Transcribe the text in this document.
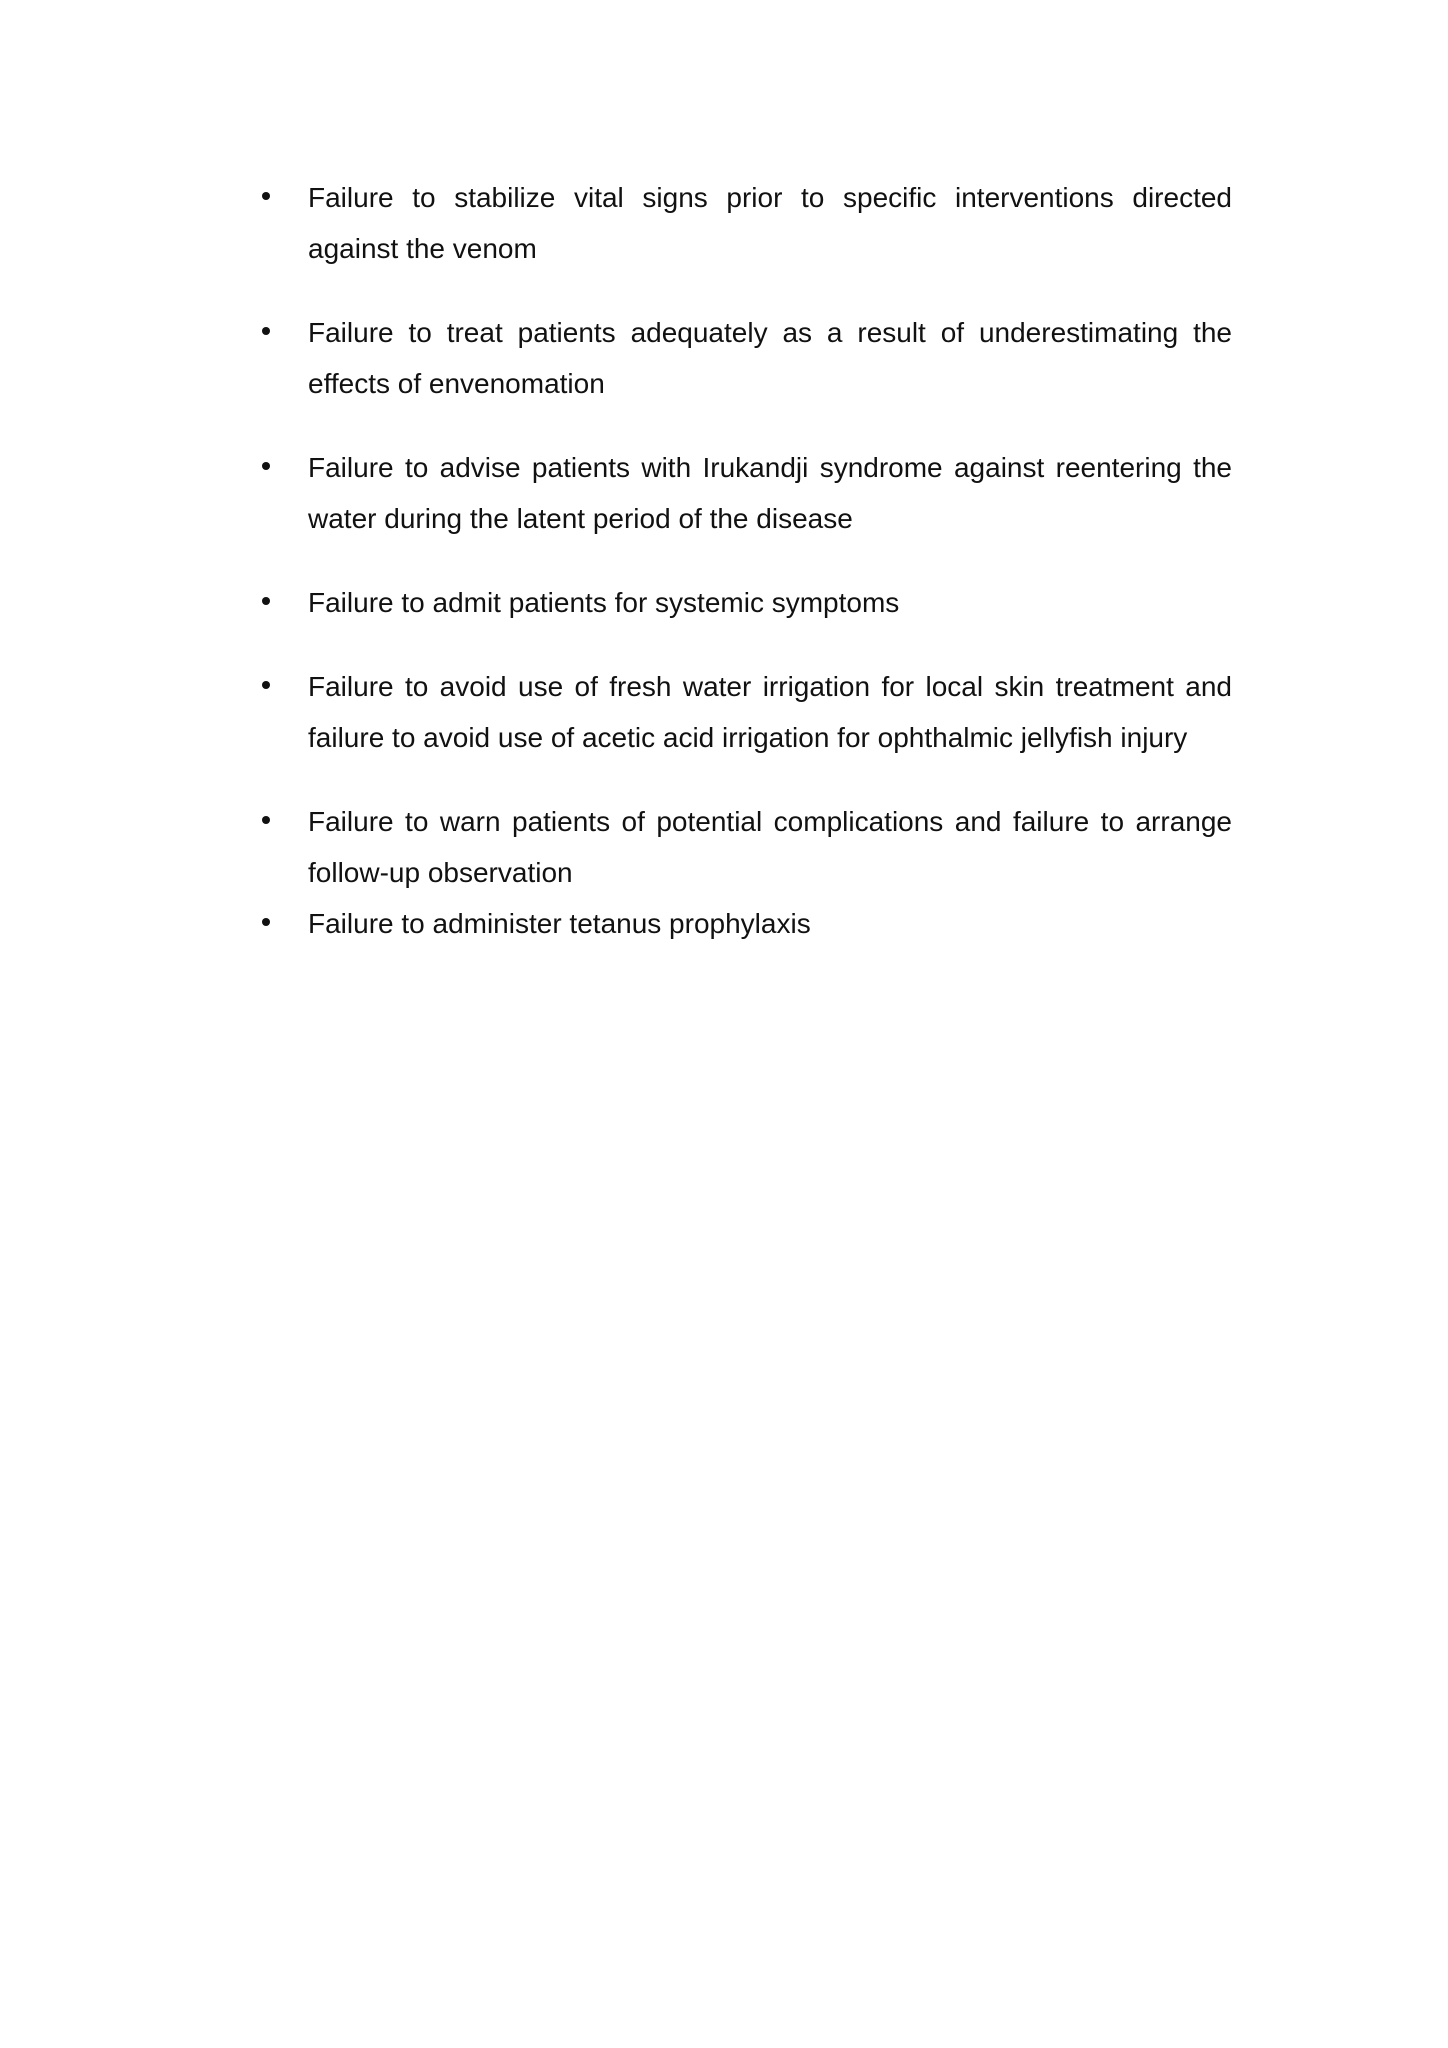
Failure to stabilize vital signs prior to specific interventions directed against the venom
Failure to treat patients adequately as a result of underestimating the effects of envenomation
Failure to advise patients with Irukandji syndrome against reentering the water during the latent period of the disease
Failure to admit patients for systemic symptoms
Failure to avoid use of fresh water irrigation for local skin treatment and failure to avoid use of acetic acid irrigation for ophthalmic jellyfish injury
Failure to warn patients of potential complications and failure to arrange follow-up observation
Failure to administer tetanus prophylaxis
